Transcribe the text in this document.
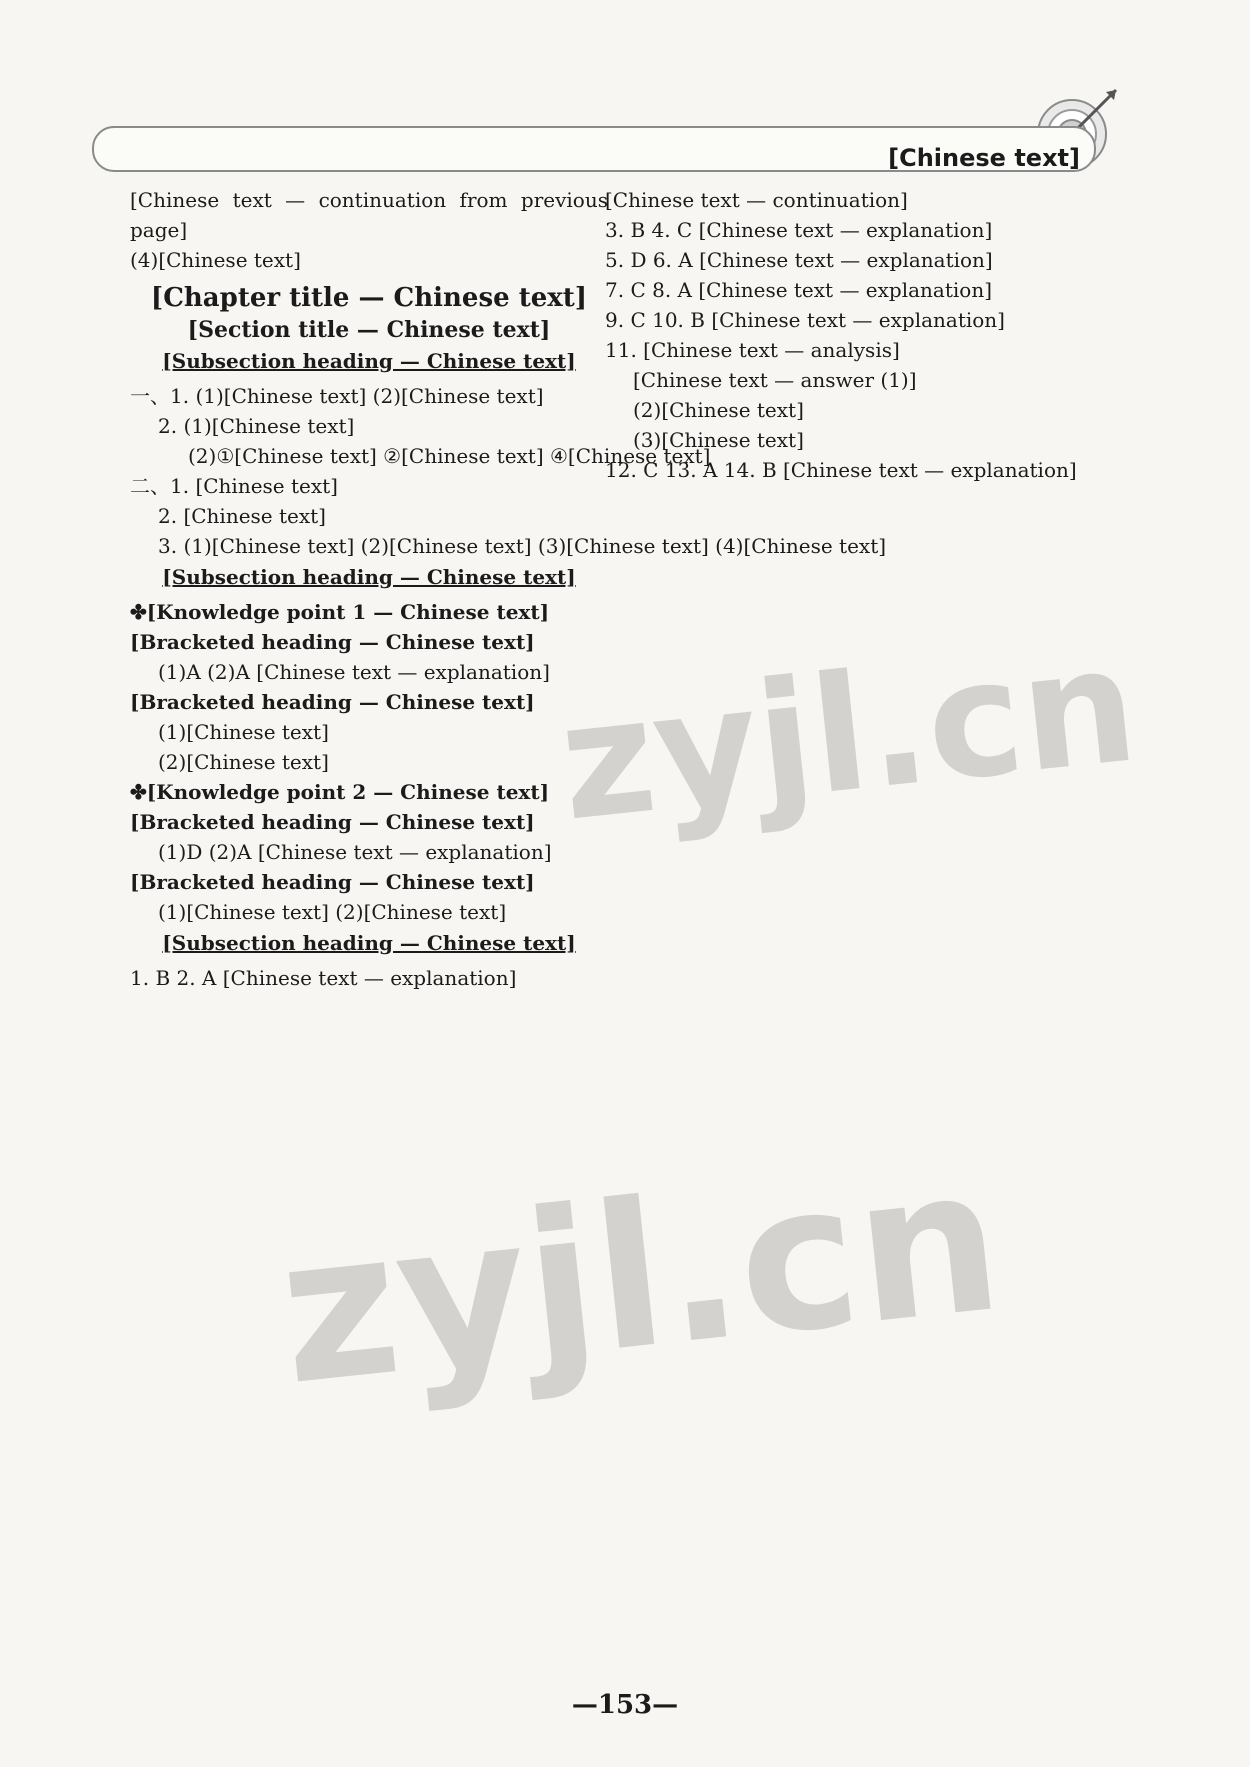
[Chinese text]
[Chinese text — continuation from previous page]
(4)[Chinese text]
[Chapter title — Chinese text]
[Section title — Chinese text]
[Subsection heading — Chinese text]
一、1. (1)[Chinese text] (2)[Chinese text]
2. (1)[Chinese text]
(2)①[Chinese text] ②[Chinese text] ④[Chinese text]
二、1. [Chinese text]
2. [Chinese text]
3. (1)[Chinese text] (2)[Chinese text] (3)[Chinese text] (4)[Chinese text]
[Subsection heading — Chinese text]
✤[Knowledge point 1 — Chinese text]
[Bracketed heading — Chinese text]
(1)A (2)A [Chinese text — explanation]
[Bracketed heading — Chinese text]
(1)[Chinese text]
(2)[Chinese text]
✤[Knowledge point 2 — Chinese text]
[Bracketed heading — Chinese text]
(1)D (2)A [Chinese text — explanation]
[Bracketed heading — Chinese text]
(1)[Chinese text] (2)[Chinese text]
[Subsection heading — Chinese text]
1. B 2. A [Chinese text — explanation]
[Chinese text — continuation]
3. B 4. C [Chinese text — explanation]
5. D 6. A [Chinese text — explanation]
7. C 8. A [Chinese text — explanation]
9. C 10. B [Chinese text — explanation]
11. [Chinese text — analysis]
[Chinese text — answer (1)]
(2)[Chinese text]
(3)[Chinese text]
12. C 13. A 14. B [Chinese text — explanation]
zyjl.cn
zyjl.cn
—153—
